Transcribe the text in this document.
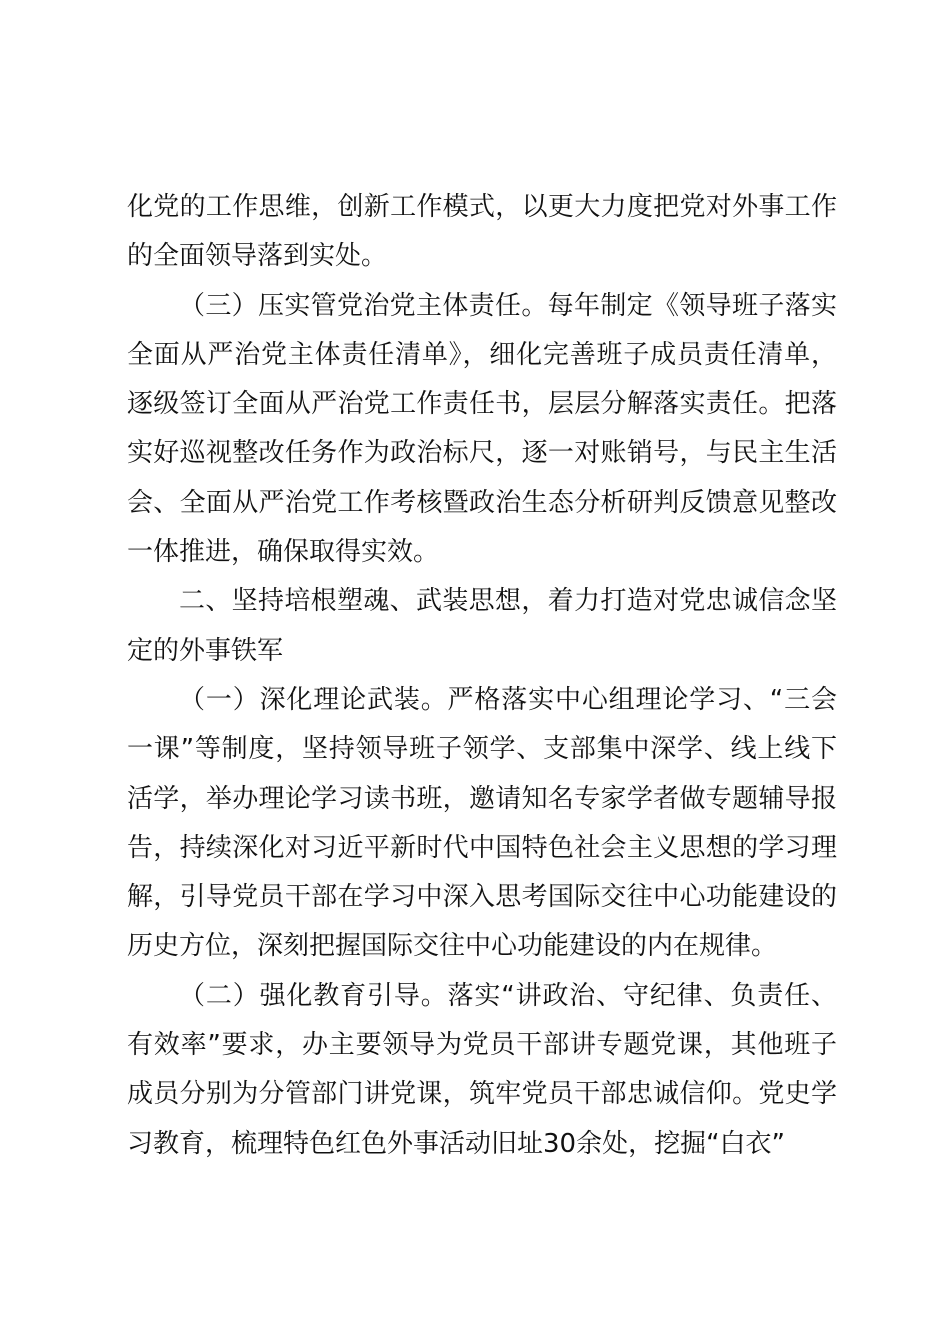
化党的工作思维，创新工作模式，以更大力度把党对外事工作的全面领导落到实处。

（三）压实管党治党主体责任。每年制定《领导班子落实全面从严治党主体责任清单》，细化完善班子成员责任清单，逐级签订全面从严治党工作责任书，层层分解落实责任。把落实好巡视整改任务作为政治标尺，逐一对账销号，与民主生活会、全面从严治党工作考核暨政治生态分析研判反馈意见整改一体推进，确保取得实效。

二、坚持培根塑魂、武装思想，着力打造对党忠诚信念坚定的外事铁军

（一）深化理论武装。严格落实中心组理论学习、“三会一课”等制度，坚持领导班子领学、支部集中深学、线上线下活学，举办理论学习读书班，邀请知名专家学者做专题辅导报告，持续深化对习近平新时代中国特色社会主义思想的学习理解，引导党员干部在学习中深入思考国际交往中心功能建设的历史方位，深刻把握国际交往中心功能建设的内在规律。

（二）强化教育引导。落实“讲政治、守纪律、负责任、有效率”要求，办主要领导为党员干部讲专题党课，其他班子成员分别为分管部门讲党课，筑牢党员干部忠诚信仰。党史学习教育，梳理特色红色外事活动旧址30余处，挖掘“白衣”
